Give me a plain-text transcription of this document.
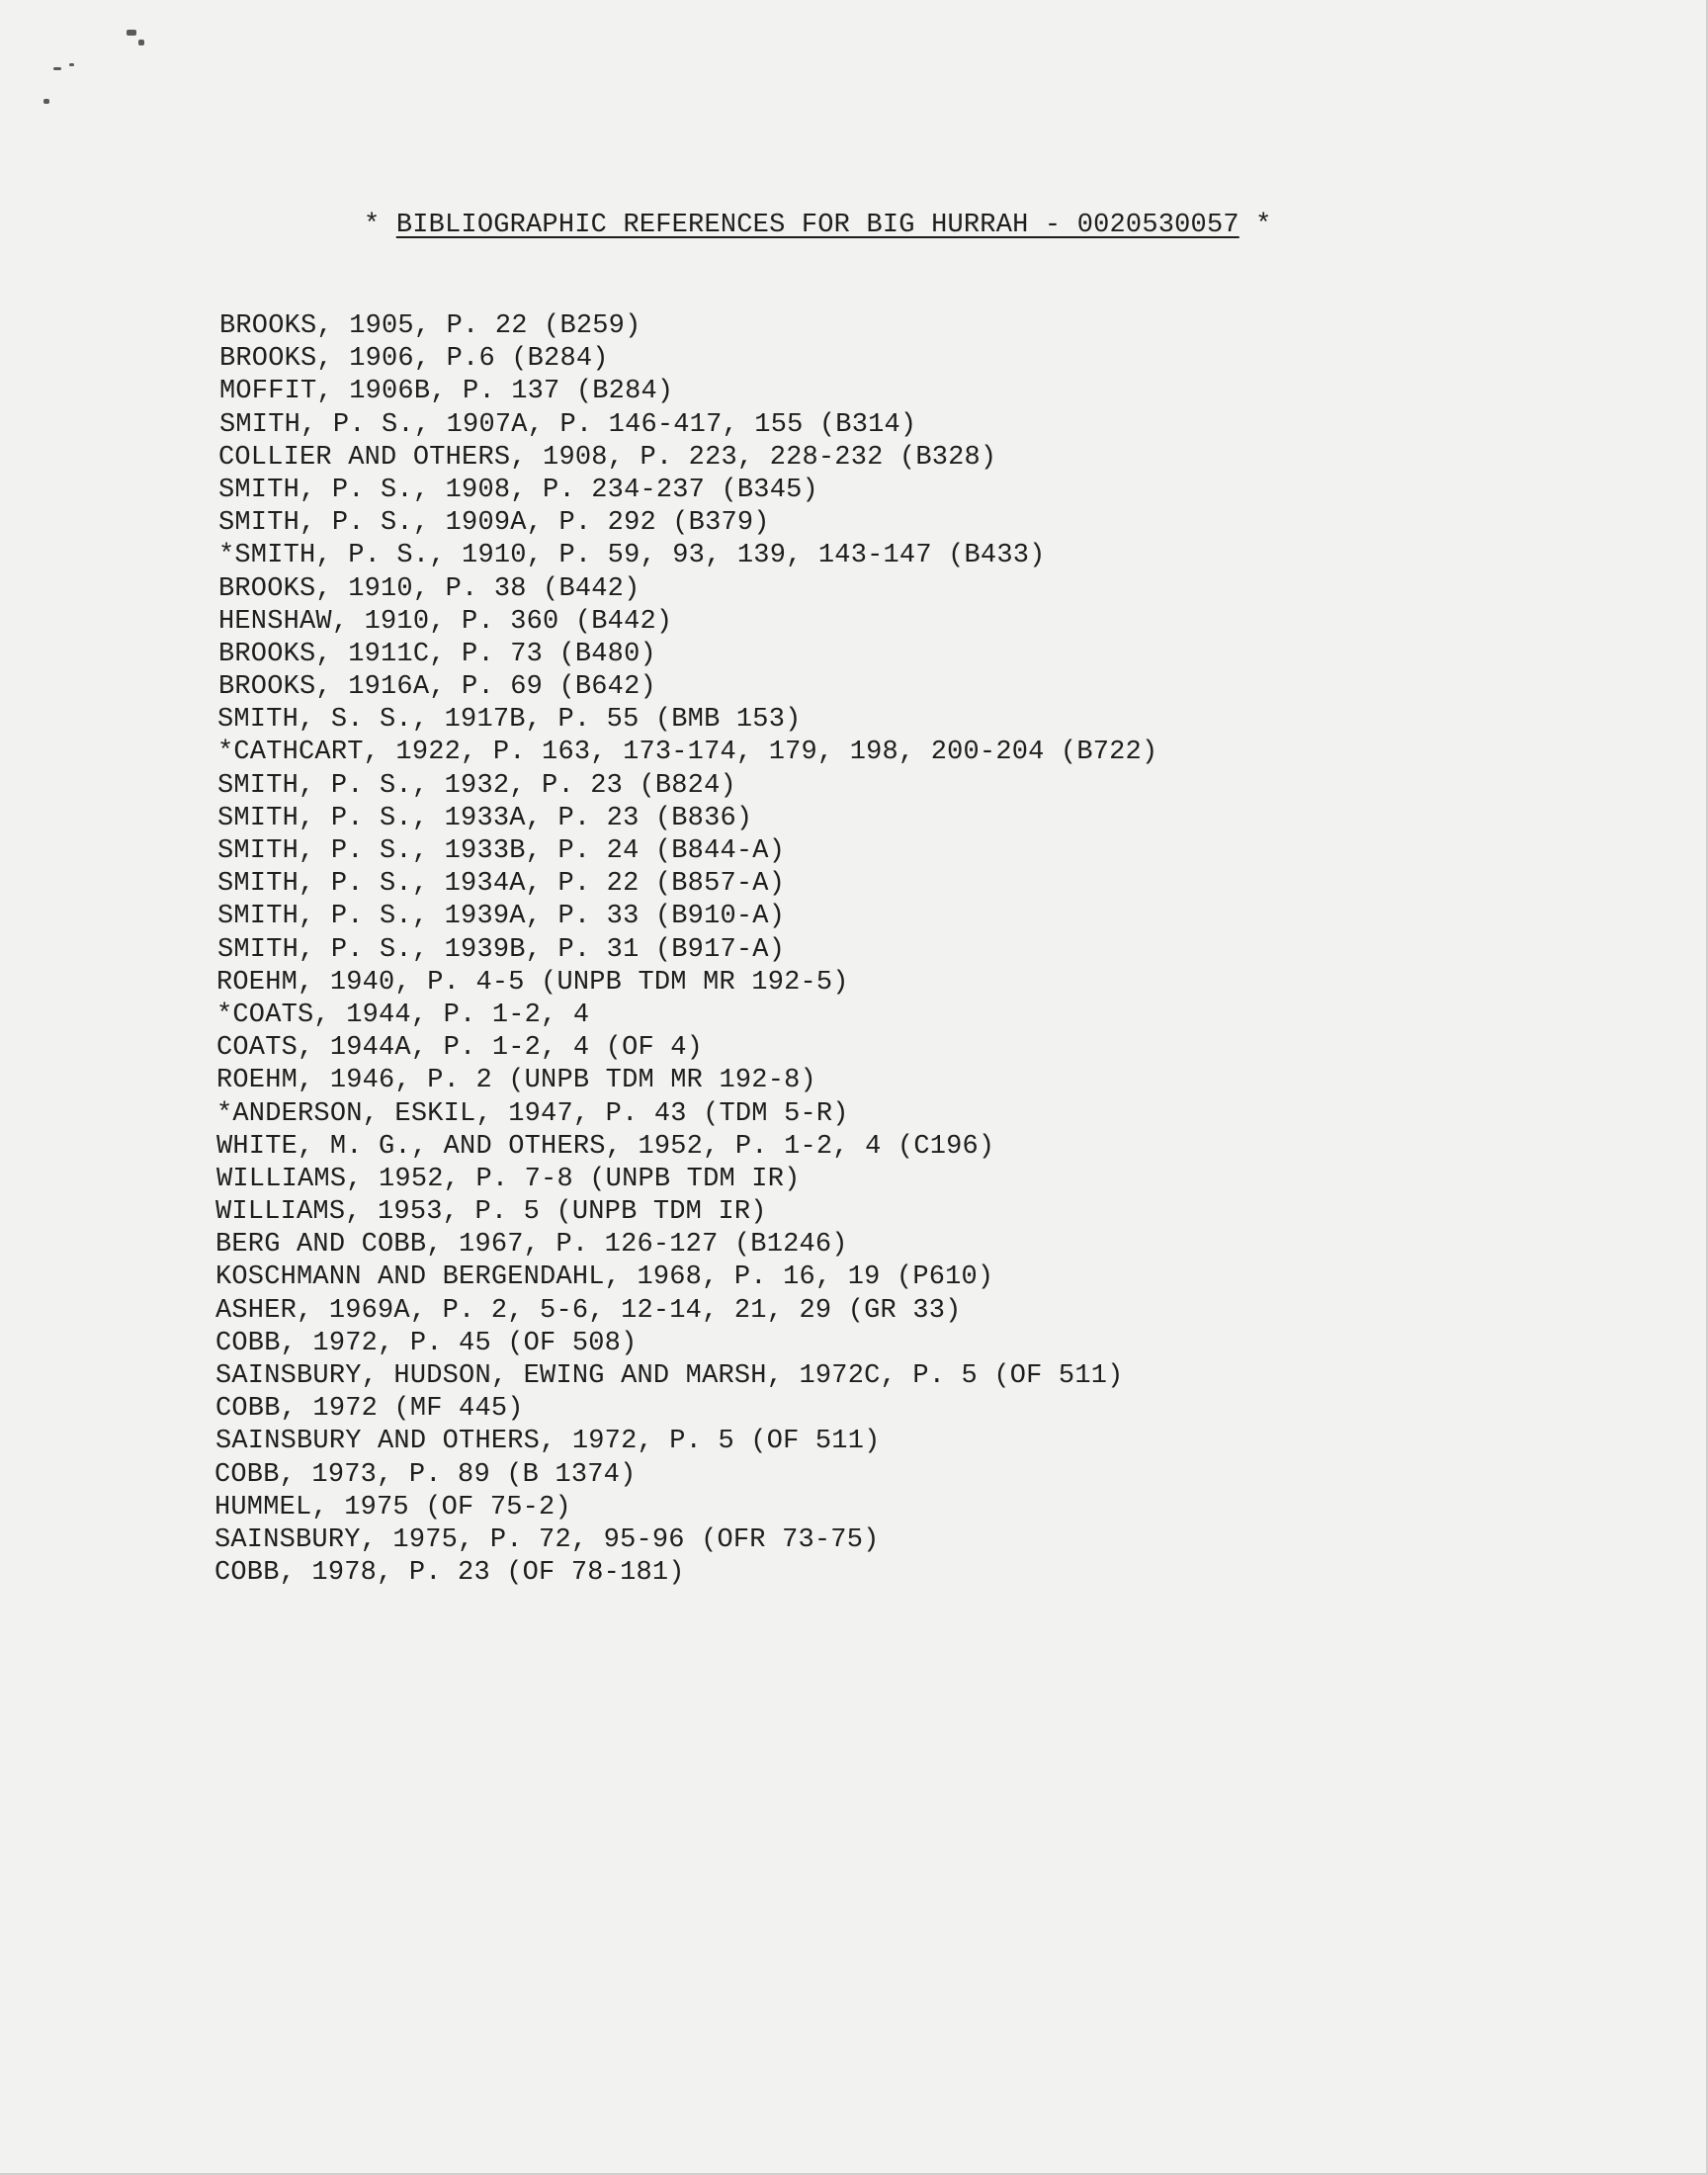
* BIBLIOGRAPHIC REFERENCES FOR BIG HURRAH - 0020530057 *
BROOKS, 1905, P. 22 (B259)
BROOKS, 1906, P.6 (B284)
MOFFIT, 1906B, P. 137 (B284)
SMITH, P. S., 1907A, P. 146-417, 155 (B314)
COLLIER AND OTHERS, 1908, P. 223, 228-232 (B328)
SMITH, P. S., 1908, P. 234-237 (B345)
SMITH, P. S., 1909A, P. 292 (B379)
*SMITH, P. S., 1910, P. 59, 93, 139, 143-147 (B433)
BROOKS, 1910, P. 38 (B442)
HENSHAW, 1910, P. 360 (B442)
BROOKS, 1911C, P. 73 (B480)
BROOKS, 1916A, P. 69 (B642)
SMITH, S. S., 1917B, P. 55 (BMB 153)
*CATHCART, 1922, P. 163, 173-174, 179, 198, 200-204 (B722)
SMITH, P. S., 1932, P. 23 (B824)
SMITH, P. S., 1933A, P. 23 (B836)
SMITH, P. S., 1933B, P. 24 (B844-A)
SMITH, P. S., 1934A, P. 22 (B857-A)
SMITH, P. S., 1939A, P. 33 (B910-A)
SMITH, P. S., 1939B, P. 31 (B917-A)
ROEHM, 1940, P. 4-5 (UNPB TDM MR 192-5)
*COATS, 1944, P. 1-2, 4
COATS, 1944A, P. 1-2, 4 (OF 4)
ROEHM, 1946, P. 2 (UNPB TDM MR 192-8)
*ANDERSON, ESKIL, 1947, P. 43 (TDM 5-R)
WHITE, M. G., AND OTHERS, 1952, P. 1-2, 4 (C196)
WILLIAMS, 1952, P. 7-8 (UNPB TDM IR)
WILLIAMS, 1953, P. 5 (UNPB TDM IR)
BERG AND COBB, 1967, P. 126-127 (B1246)
KOSCHMANN AND BERGENDAHL, 1968, P. 16, 19 (P610)
ASHER, 1969A, P. 2, 5-6, 12-14, 21, 29 (GR 33)
COBB, 1972, P. 45 (OF 508)
SAINSBURY, HUDSON, EWING AND MARSH, 1972C, P. 5 (OF 511)
COBB, 1972 (MF 445)
SAINSBURY AND OTHERS, 1972, P. 5 (OF 511)
COBB, 1973, P. 89 (B 1374)
HUMMEL, 1975 (OF 75-2)
SAINSBURY, 1975, P. 72, 95-96 (OFR 73-75)
COBB, 1978, P. 23 (OF 78-181)
